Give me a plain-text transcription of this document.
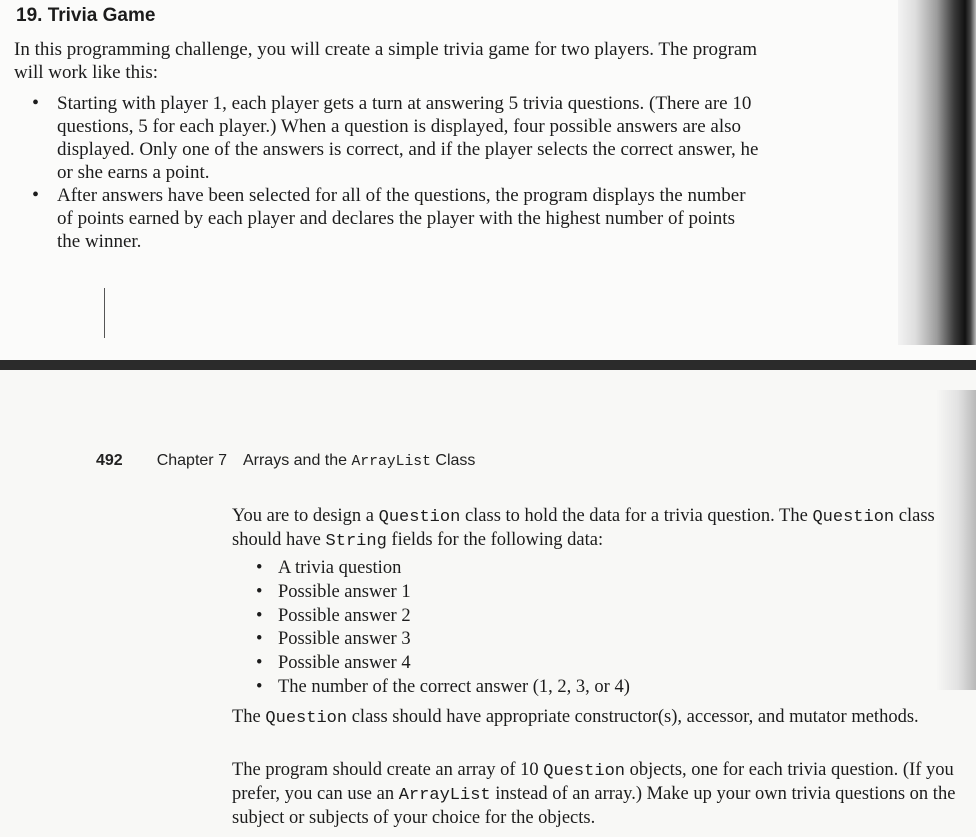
19. Trivia Game

In this programming challenge, you will create a simple trivia game for two players. The program will work like this:

• Starting with player 1, each player gets a turn at answering 5 trivia questions. (There are 10 questions, 5 for each player.) When a question is displayed, four possible answers are also displayed. Only one of the answers is correct, and if the player selects the correct answer, he or she earns a point.
• After answers have been selected for all of the questions, the program displays the number of points earned by each player and declares the player with the highest number of points the winner.
492 Chapter 7 Arrays and the ArrayList Class

You are to design a Question class to hold the data for a trivia question. The Question class should have String fields for the following data:

• A trivia question
• Possible answer 1
• Possible answer 2
• Possible answer 3
• Possible answer 4
• The number of the correct answer (1, 2, 3, or 4)

The Question class should have appropriate constructor(s), accessor, and mutator methods.

The program should create an array of 10 Question objects, one for each trivia question. (If you prefer, you can use an ArrayList instead of an array.) Make up your own trivia questions on the subject or subjects of your choice for the objects.
